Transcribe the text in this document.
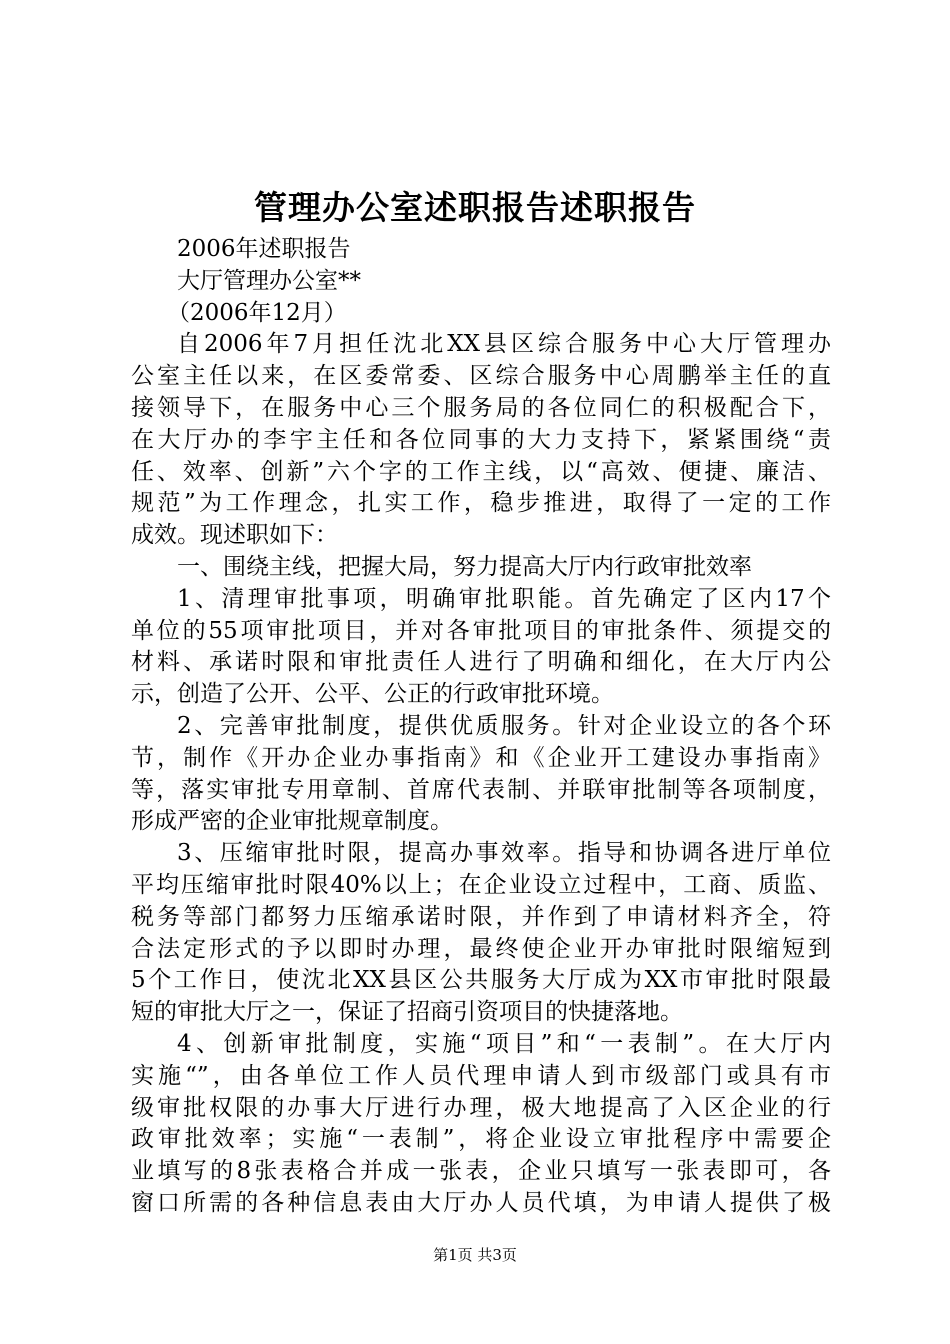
管理办公室述职报告述职报告
2006年述职报告
大厅管理办公室**
（2006年12月）
自2006年7月担任沈北XX县区综合服务中心大厅管理办
公室主任以来，在区委常委、区综合服务中心周鹏举主任的直
接领导下，在服务中心三个服务局的各位同仁的积极配合下，
在大厅办的李宇主任和各位同事的大力支持下，紧紧围绕“责
任、效率、创新”六个字的工作主线，以“高效、便捷、廉洁、
规范”为工作理念，扎实工作，稳步推进，取得了一定的工作
成效。现述职如下：
一、围绕主线，把握大局，努力提高大厅内行政审批效率
1、清理审批事项，明确审批职能。首先确定了区内17个
单位的55项审批项目，并对各审批项目的审批条件、须提交的
材料、承诺时限和审批责任人进行了明确和细化，在大厅内公
示，创造了公开、公平、公正的行政审批环境。
2、完善审批制度，提供优质服务。针对企业设立的各个环
节，制作《开办企业办事指南》和《企业开工建设办事指南》
等，落实审批专用章制、首席代表制、并联审批制等各项制度，
形成严密的企业审批规章制度。
3、压缩审批时限，提高办事效率。指导和协调各进厅单位
平均压缩审批时限40%以上；在企业设立过程中，工商、质监、
税务等部门都努力压缩承诺时限，并作到了申请材料齐全，符
合法定形式的予以即时办理，最终使企业开办审批时限缩短到
5个工作日，使沈北XX县区公共服务大厅成为XX市审批时限最
短的审批大厅之一，保证了招商引资项目的快捷落地。
4、创新审批制度，实施“项目”和“一表制”。在大厅内
实施“”，由各单位工作人员代理申请人到市级部门或具有市
级审批权限的办事大厅进行办理，极大地提高了入区企业的行
政审批效率；实施“一表制”，将企业设立审批程序中需要企
业填写的8张表格合并成一张表，企业只填写一张表即可，各
窗口所需的各种信息表由大厅办人员代填，为申请人提供了极
第1页 共3页
